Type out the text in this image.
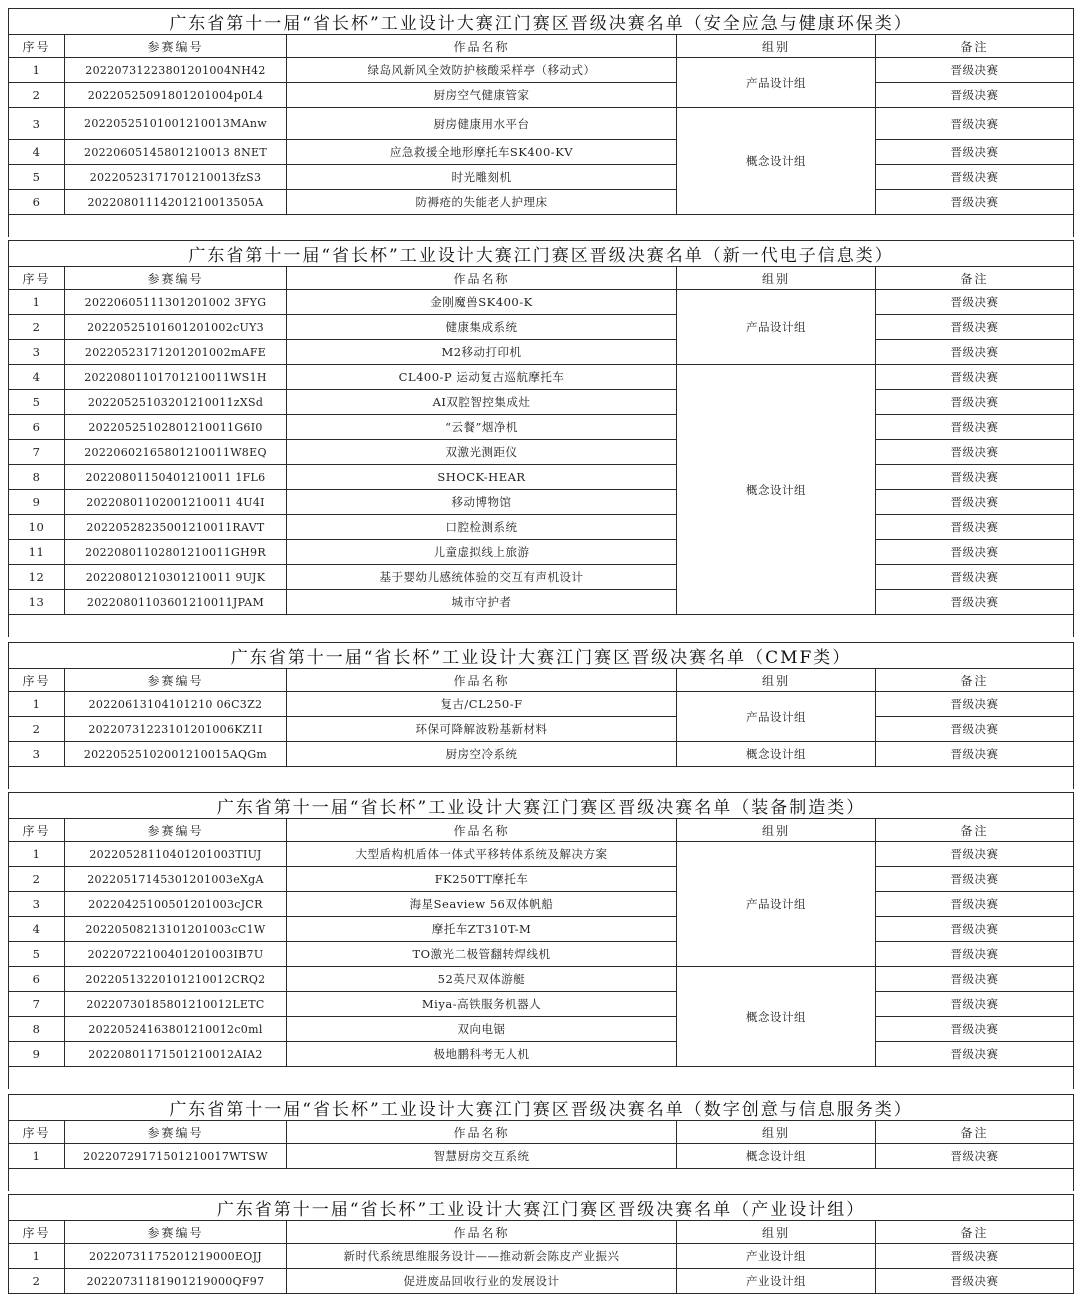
广东省第十一届“省长杯”工业设计大赛江门赛区晋级决赛名单（安全应急与健康环保类）				
序号	参赛编号	作品名称	组别	备注
1	20220731223801201004NH42	绿岛风新风全效防护核酸采样亭（移动式）	产品设计组	晋级决赛
2	20220525091801201004p0L4	厨房空气健康管家		晋级决赛
3	20220525101001210013MAnw	厨房健康用水平台	概念设计组	晋级决赛
4	20220605145801210013 8NET	应急救援全地形摩托车SK400-KV		晋级决赛
5	20220523171701210013fzS3	时光雕刻机		晋级决赛
6	20220801114201210013505A	防褥疮的失能老人护理床		晋级决赛

广东省第十一届“省长杯”工业设计大赛江门赛区晋级决赛名单（新一代电子信息类）				
序号	参赛编号	作品名称	组别	备注
1	20220605111301201002 3FYG	金刚魔兽SK400-K	产品设计组	晋级决赛
2	20220525101601201002cUY3	健康集成系统		晋级决赛
3	20220523171201201002mAFE	M2移动打印机		晋级决赛
4	20220801101701210011WS1H	CL400-P 运动复古巡航摩托车	概念设计组	晋级决赛
5	20220525103201210011zXSd	AI双腔智控集成灶		晋级决赛
6	20220525102801210011G6I0	“云餐”烟净机		晋级决赛
7	20220602165801210011W8EQ	双激光测距仪		晋级决赛
8	20220801150401210011 1FL6	SHOCK-HEAR		晋级决赛
9	20220801102001210011 4U4I	移动博物馆		晋级决赛
10	20220528235001210011RAVT	口腔检测系统		晋级决赛
11	20220801102801210011GH9R	儿童虚拟线上旅游		晋级决赛
12	20220801210301210011 9UJK	基于婴幼儿感统体验的交互有声机设计		晋级决赛
13	20220801103601210011JPAM	城市守护者		晋级决赛

广东省第十一届“省长杯”工业设计大赛江门赛区晋级决赛名单（CMF类）				
序号	参赛编号	作品名称	组别	备注
1	20220613104101210 06C3Z2	复古/CL250-F	产品设计组	晋级决赛
2	20220731223101201006KZ1I	环保可降解波粉基新材料		晋级决赛
3	20220525102001210015AQGm	厨房空冷系统	概念设计组	晋级决赛

广东省第十一届“省长杯”工业设计大赛江门赛区晋级决赛名单（装备制造类）				
序号	参赛编号	作品名称	组别	备注
1	20220528110401201003TIUJ	大型盾构机盾体一体式平移转体系统及解决方案	产品设计组	晋级决赛
2	20220517145301201003eXgA	FK250TT摩托车		晋级决赛
3	20220425100501201003cJCR	海星Seaview 56双体帆船		晋级决赛
4	20220508213101201003cC1W	摩托车ZT310T-M		晋级决赛
5	20220722100401201003IB7U	TO激光二极管翻转焊线机		晋级决赛
6	20220513220101210012CRQ2	52英尺双体游艇	概念设计组	晋级决赛
7	20220730185801210012LETC	Miya-高铁服务机器人		晋级决赛
8	20220524163801210012c0ml	双向电锯		晋级决赛
9	20220801171501210012AIA2	极地鹏科考无人机		晋级决赛

广东省第十一届“省长杯”工业设计大赛江门赛区晋级决赛名单（数字创意与信息服务类）				
序号	参赛编号	作品名称	组别	备注
1	20220729171501210017WTSW	智慧厨房交互系统	概念设计组	晋级决赛

广东省第十一届“省长杯”工业设计大赛江门赛区晋级决赛名单（产业设计组）				
序号	参赛编号	作品名称	组别	备注
1	20220731175201219000EOJJ	新时代系统思维服务设计——推动新会陈皮产业振兴	产业设计组	晋级决赛
2	20220731181901219000QF97	促进废品回收行业的发展设计	产业设计组	晋级决赛
